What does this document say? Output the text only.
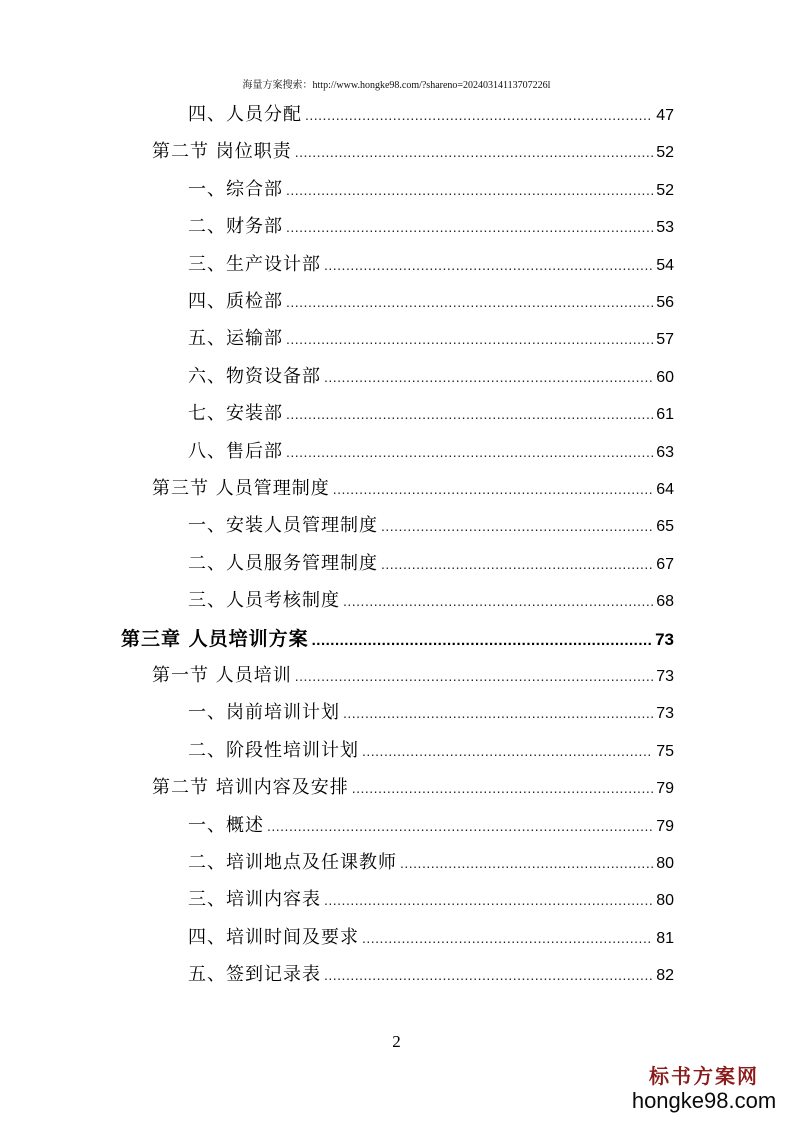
海量方案搜索：http://www.hongke98.com/?shareno=20240314113707226l
四、人员分配 .....	47
第二节 岗位职责 .....	52
一、综合部 .....	52
二、财务部 .....	53
三、生产设计部 .....	54
四、质检部 .....	56
五、运输部 .....	57
六、物资设备部 .....	60
七、安装部 .....	61
八、售后部 .....	63
第三节 人员管理制度 .....	64
一、安装人员管理制度 .....	65
二、人员服务管理制度 .....	67
三、人员考核制度 .....	68
第三章 人员培训方案 .....	73
第一节 人员培训 .....	73
一、岗前培训计划 .....	73
二、阶段性培训计划 .....	75
第二节 培训内容及安排 .....	79
一、概述 .....	79
二、培训地点及任课教师 .....	80
三、培训内容表 .....	80
四、培训时间及要求 .....	81
五、签到记录表 .....	82
2
标书方案网
hongke98.com
